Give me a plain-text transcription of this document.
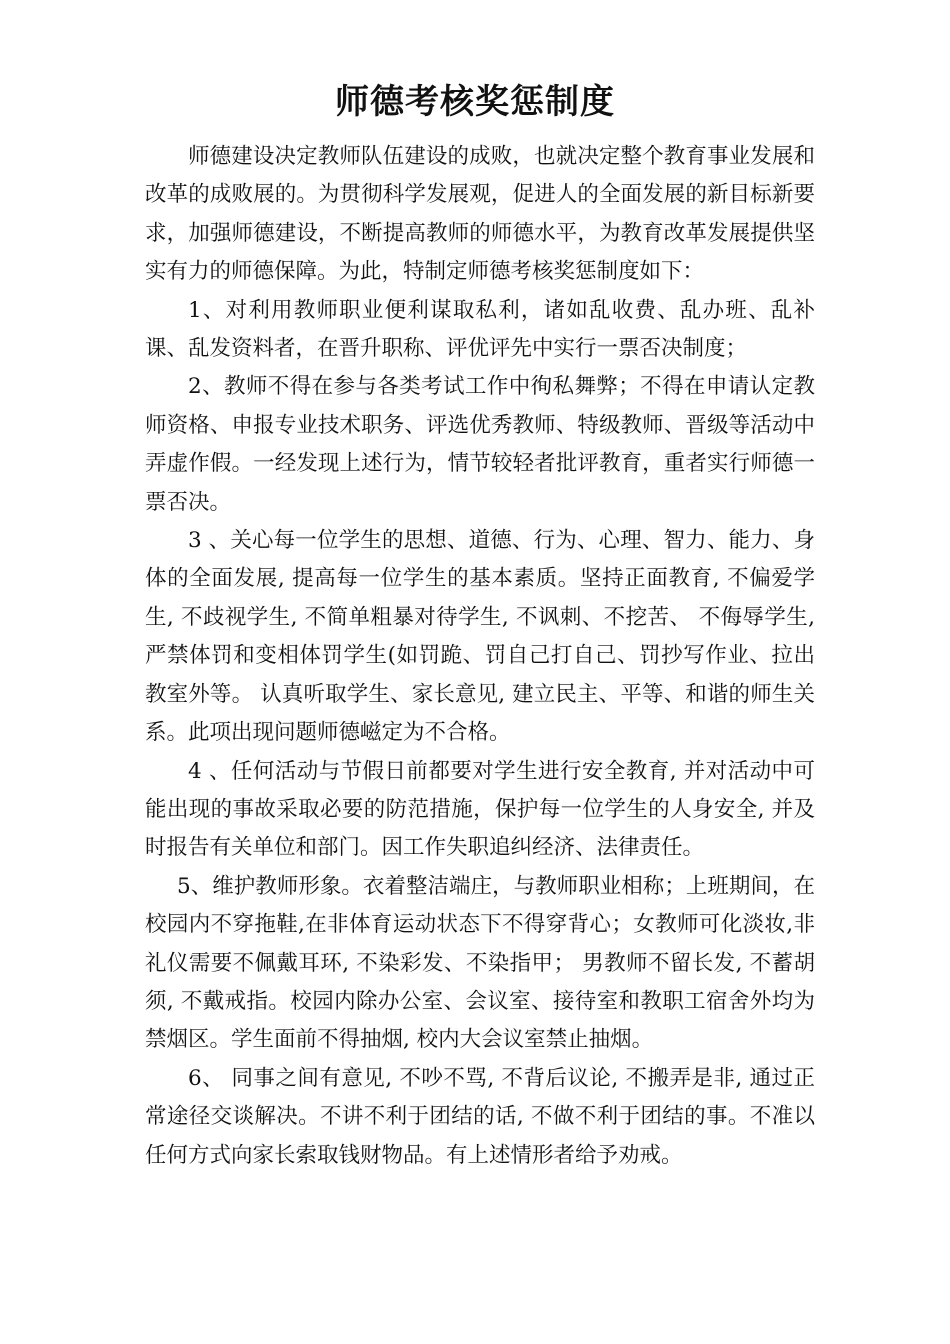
师德考核奖惩制度

师德建设决定教师队伍建设的成败，也就决定整个教育事业发展和改革的成败展的。为贯彻科学发展观，促进人的全面发展的新目标新要求，加强师德建设，不断提高教师的师德水平，为教育改革发展提供坚实有力的师德保障。为此，特制定师德考核奖惩制度如下：

1、对利用教师职业便利谋取私利，诸如乱收费、乱办班、乱补课、乱发资料者，在晋升职称、评优评先中实行一票否决制度；

2、教师不得在参与各类考试工作中徇私舞弊；不得在申请认定教师资格、申报专业技术职务、评选优秀教师、特级教师、晋级等活动中弄虚作假。一经发现上述行为，情节较轻者批评教育，重者实行师德一票否决。

3 、关心每一位学生的思想、道德、行为、心理、智力、能力、身体的全面发展, 提高每一位学生的基本素质。坚持正面教育, 不偏爱学生, 不歧视学生, 不简单粗暴对待学生, 不讽刺、不挖苦、 不侮辱学生, 严禁体罚和变相体罚学生(如罚跪、罚自己打自己、罚抄写作业、拉出教室外等。 认真听取学生、家长意见, 建立民主、平等、和谐的师生关系。此项出现问题师德嵫定为不合格。

4 、任何活动与节假日前都要对学生进行安全教育, 并对活动中可能出现的事故采取必要的防范措施，保护每一位学生的人身安全, 并及时报告有关单位和部门。因工作失职追纠经济、法律责任。

5、维护教师形象。衣着整洁端庄，与教师职业相称；上班期间，在校园内不穿拖鞋,在非体育运动状态下不得穿背心；女教师可化淡妆,非礼仪需要不佩戴耳环, 不染彩发、不染指甲； 男教师不留长发, 不蓄胡须, 不戴戒指。校园内除办公室、会议室、接待室和教职工宿舍外均为禁烟区。学生面前不得抽烟, 校内大会议室禁止抽烟。

6、 同事之间有意见, 不吵不骂, 不背后议论, 不搬弄是非, 通过正常途径交谈解决。不讲不利于团结的话, 不做不利于团结的事。不准以任何方式向家长索取钱财物品。有上述情形者给予劝戒。
